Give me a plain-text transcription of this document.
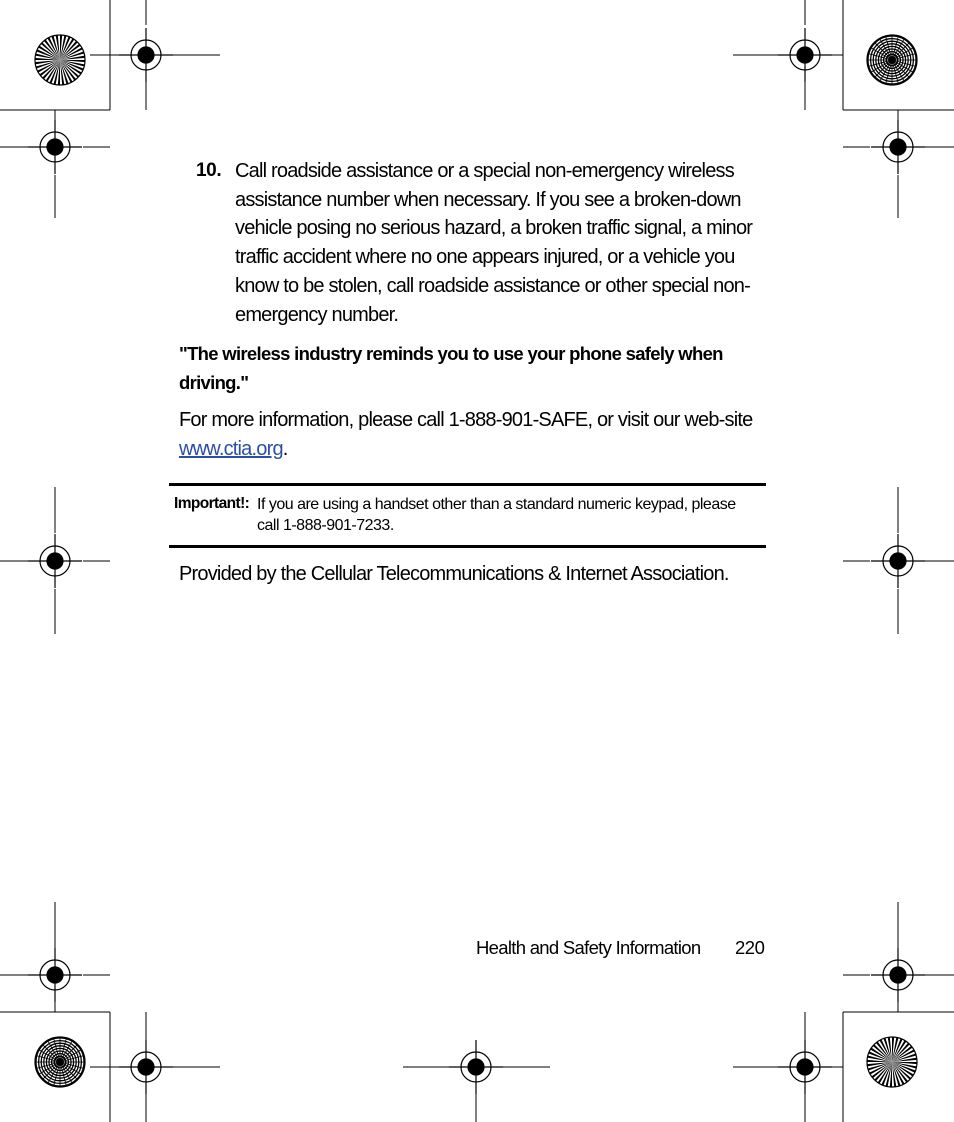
10. Call roadside assistance or a special non-emergency wireless assistance number when necessary. If you see a broken-down vehicle posing no serious hazard, a broken traffic signal, a minor traffic accident where no one appears injured, or a vehicle you know to be stolen, call roadside assistance or other special non-emergency number.
"The wireless industry reminds you to use your phone safely when driving."
For more information, please call 1-888-901-SAFE, or visit our web-site www.ctia.org.
Important!: If you are using a handset other than a standard numeric keypad, please call 1-888-901-7233.
Provided by the Cellular Telecommunications & Internet Association.
Health and Safety Information 220
